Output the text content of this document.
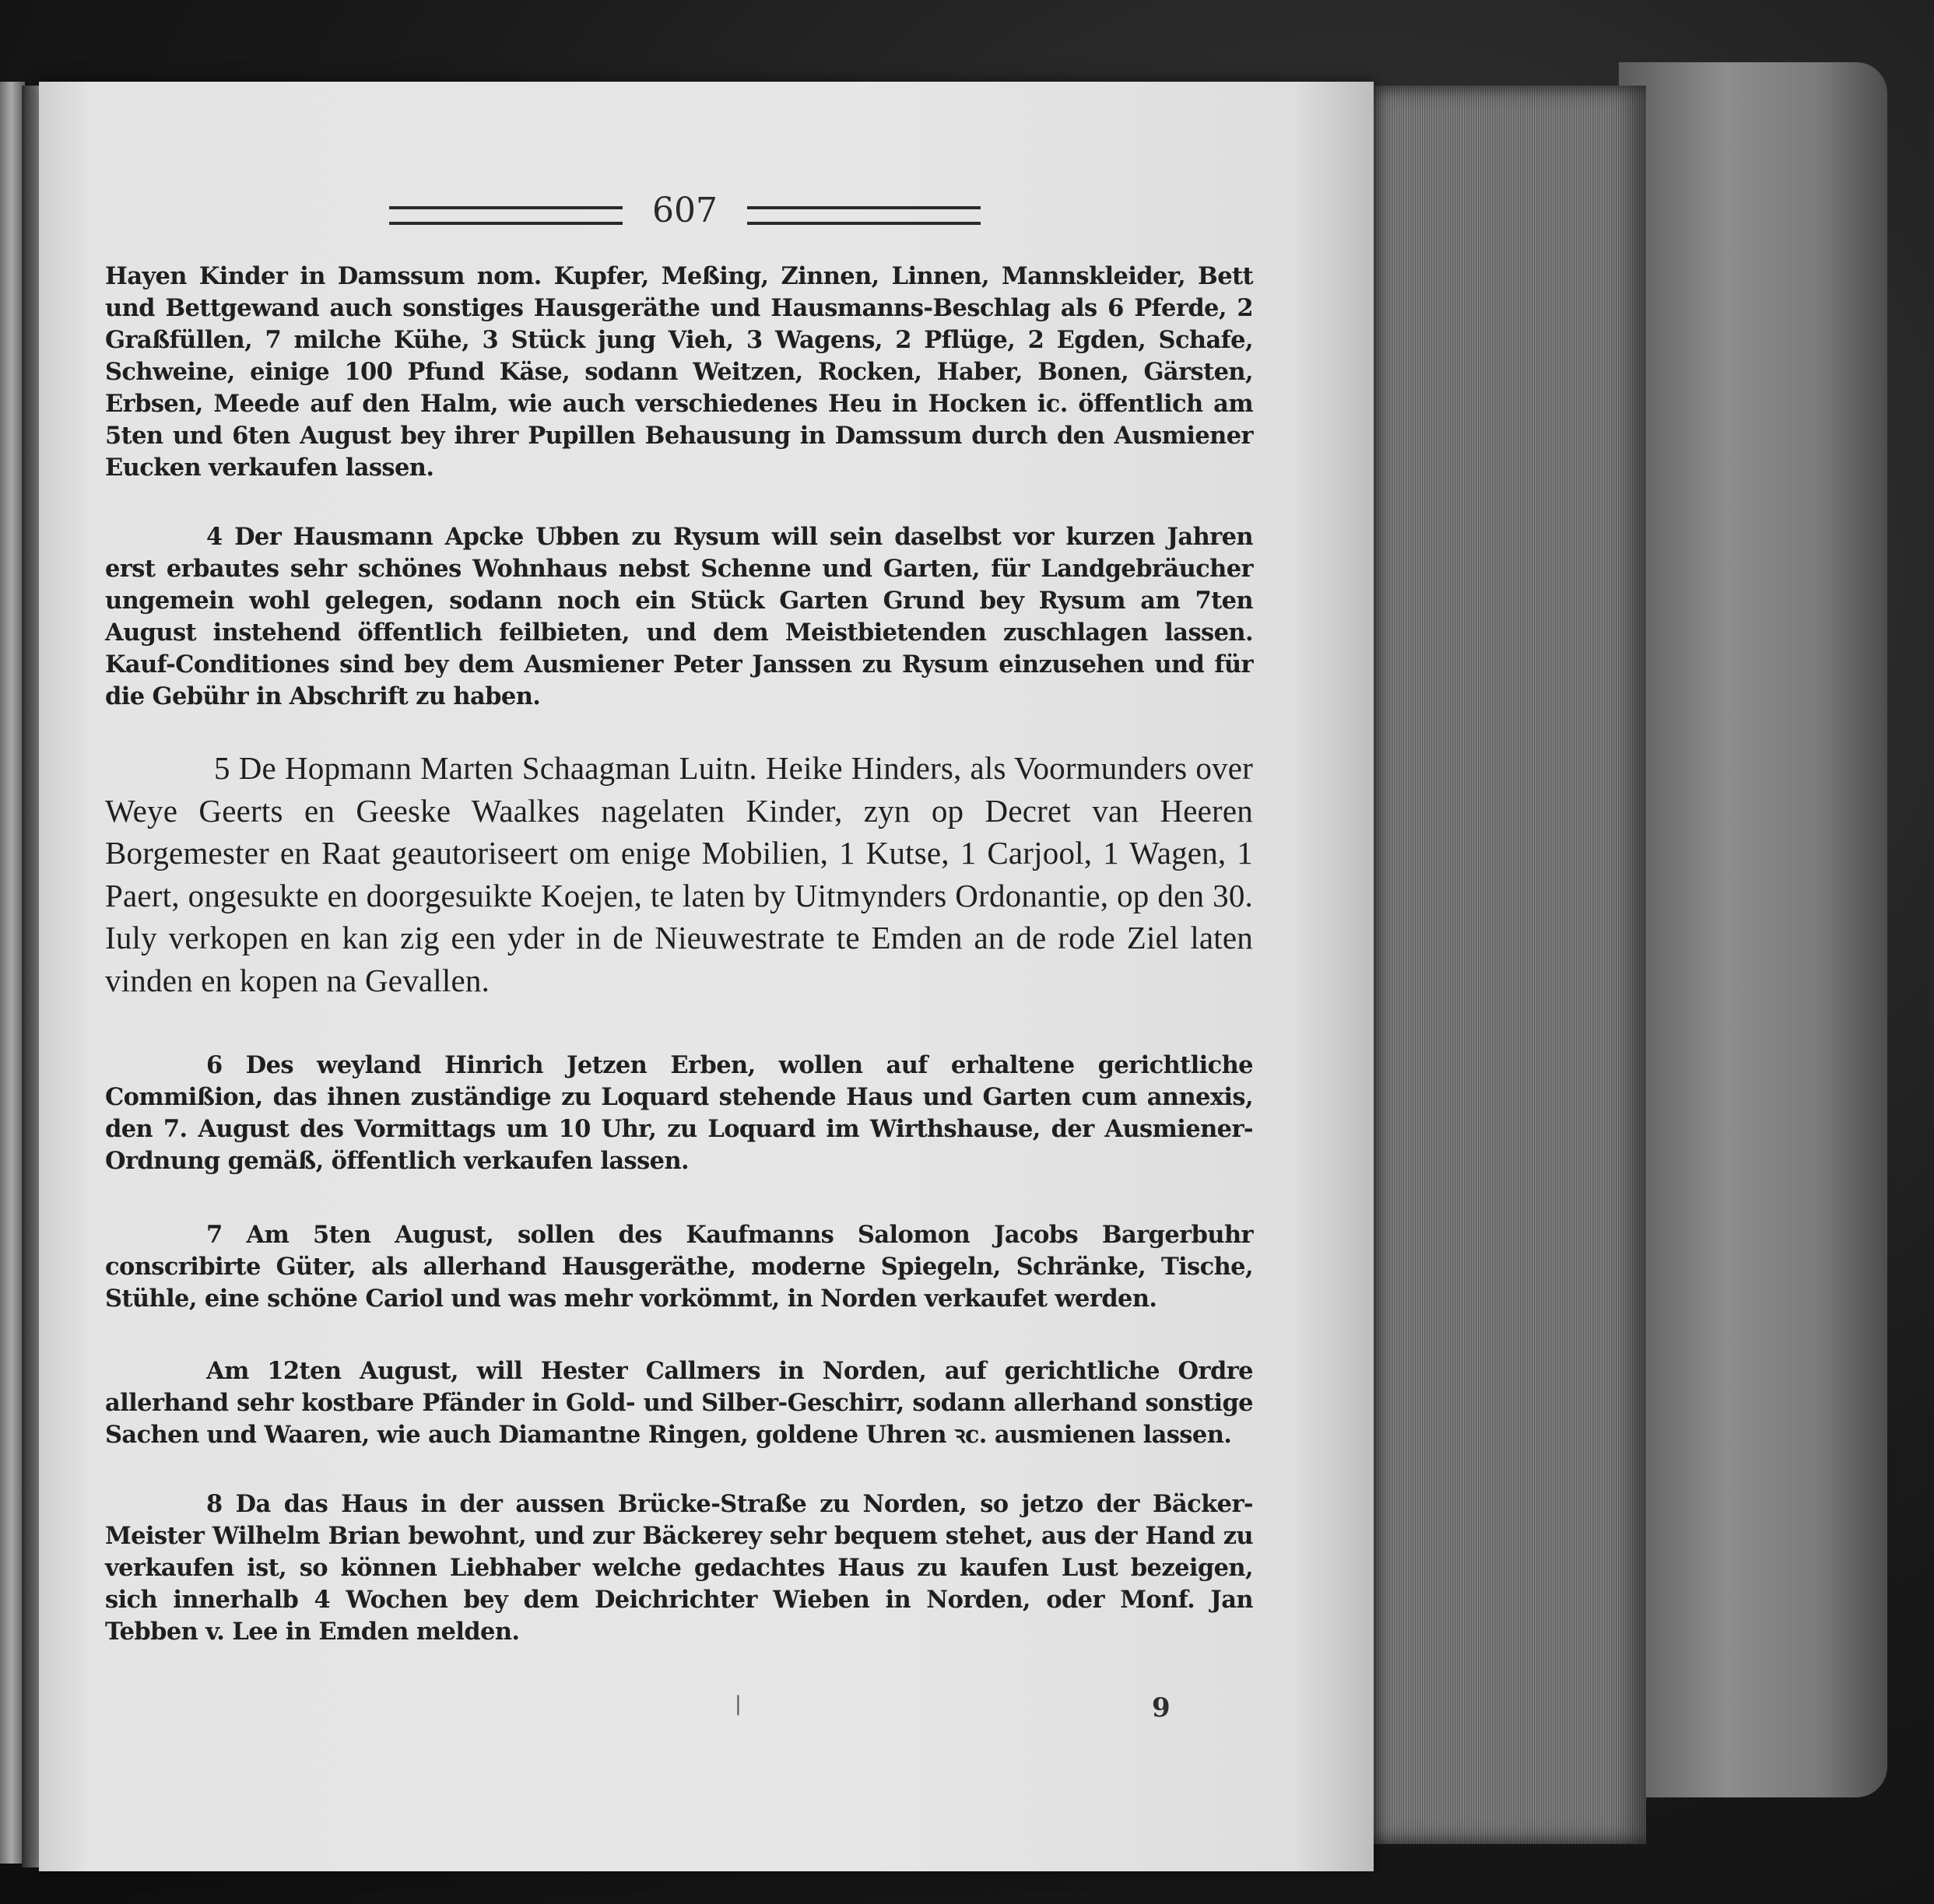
607

Hayen Kinder in Damssum nom. Kupfer, Meßing, Zinnen, Linnen, Mannskleider, Bett und Bettgewand auch sonstiges Hausgeräthe und Hausmanns-Beschlag als 6 Pferde, 2 Graßfüllen, 7 milche Kühe, 3 Stück jung Vieh, 3 Wagens, 2 Pflüge, 2 Egden, Schafe, Schweine, einige 100 Pfund Käse, sodann Weitzen, Rocken, Haber, Bonen, Gärsten, Erbsen, Meede auf den Halm, wie auch verschiedenes Heu in Hocken ic. öffentlich am 5ten und 6ten August bey ihrer Pupillen Behausung in Damssum durch den Ausmiener Eucken verkaufen lassen.

4 Der Hausmann Apcke Ubben zu Rysum will sein daselbst vor kurzen Jahren erst erbautes sehr schönes Wohnhaus nebst Schenne und Garten, für Landgebräucher ungemein wohl gelegen, sodann noch ein Stück Garten Grund bey Rysum am 7ten August instehend öffentlich feilbieten, und dem Meistbietenden zuschlagen lassen. Kauf-Conditiones sind bey dem Ausmiener Peter Janssen zu Rysum einzusehen und für die Gebühr in Abschrift zu haben.

5 De Hopmann Marten Schaagman Luitn. Heike Hinders, als Voormunders over Weye Geerts en Geeske Waalkes nagelaten Kinder, zyn op Decret van Heeren Borgemester en Raat geautoriseert om enige Mobilien, 1 Kutse, 1 Carjool, 1 Wagen, 1 Paert, ongesukte en doorgesuikte Koejen, te laten by Uitmynders Ordonantie, op den 30. Iuly verkopen en kan zig een yder in de Nieuwestrate te Emden an de rode Ziel laten vinden en kopen na Gevallen.

6 Des weyland Hinrich Jetzen Erben, wollen auf erhaltene gerichtliche Commißion, das ihnen zuständige zu Loquard stehende Haus und Garten cum annexis, den 7. August des Vormittags um 10 Uhr, zu Loquard im Wirthshause, der Ausmiener-Ordnung gemäß, öffentlich verkaufen lassen.

7 Am 5ten August, sollen des Kaufmanns Salomon Jacobs Bargerbuhr conscribirte Güter, als allerhand Hausgeräthe, moderne Spiegeln, Schränke, Tische, Stühle, eine schöne Cariol und was mehr vorkömmt, in Norden verkaufet werden.

Am 12ten August, will Hester Callmers in Norden, auf gerichtliche Ordre allerhand sehr kostbare Pfänder in Gold- und Silber-Geschirr, sodann allerhand sonstige Sachen und Waaren, wie auch Diamantne Ringen, goldene Uhren ꝛc. ausmienen lassen.

8 Da das Haus in der aussen Brücke-Straße zu Norden, so jetzo der Bäcker-Meister Wilhelm Brian bewohnt, und zur Bäckerey sehr bequem stehet, aus der Hand zu verkaufen ist, so können Liebhaber welche gedachtes Haus zu kaufen Lust bezeigen, sich innerhalb 4 Wochen bey dem Deichrichter Wieben in Norden, oder Monf. Jan Tebben v. Lee in Emden melden.

ᛁ	9
